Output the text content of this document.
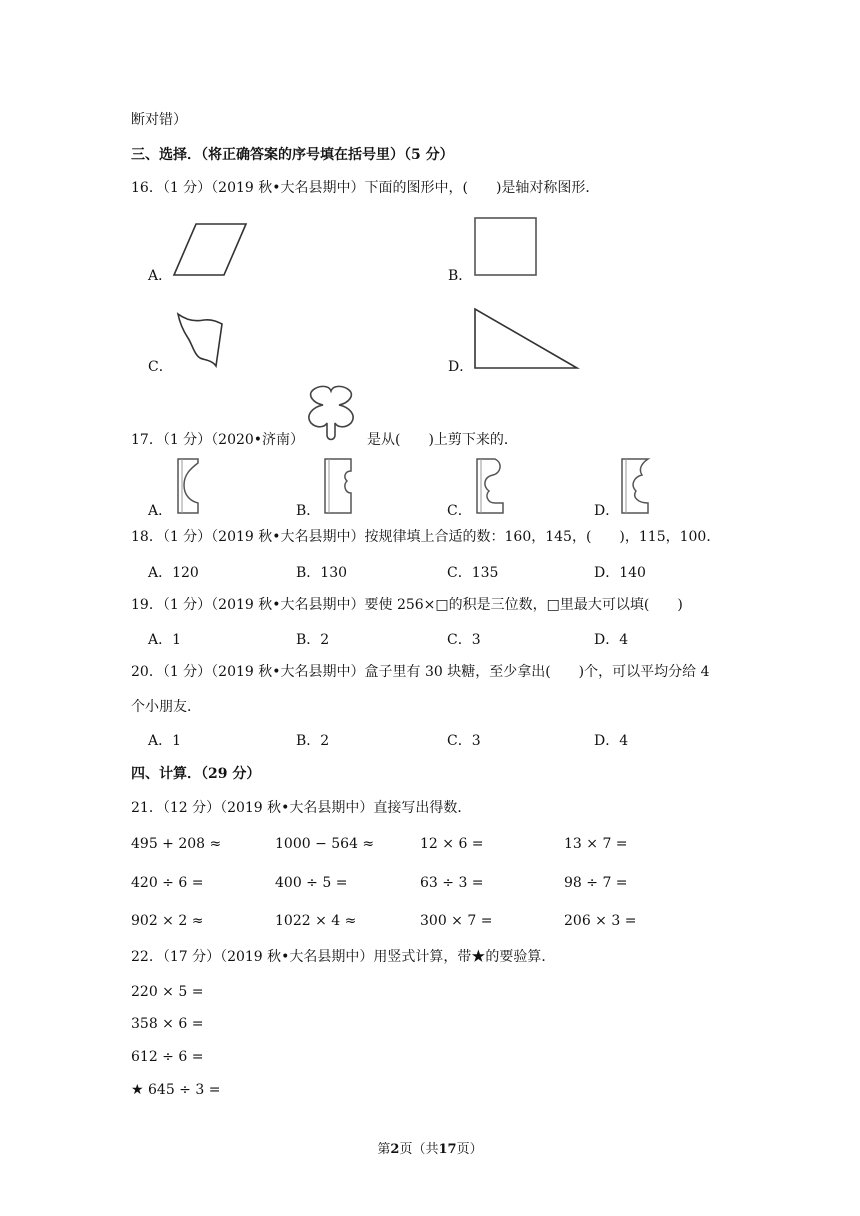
断对错）
三、选择．（将正确答案的序号填在括号里）（5 分）
16．（1 分）（2019 秋•大名县期中）下面的图形中，(　　)是轴对称图形．
A．	B．
C．	D．
17．（1 分）（2020•济南）	是从(　　)上剪下来的．
A．	B．	C．	D．
18．（1 分）（2019 秋•大名县期中）按规律填上合适的数：160，145，(　　)，115，100．
A．120	B．130	C．135	D．140
19．（1 分）（2019 秋•大名县期中）要使 256×□的积是三位数，□里最大可以填(　　)
A．1	B．2	C．3	D．4
20．（1 分）（2019 秋•大名县期中）盒子里有 30 块糖，至少拿出(　　)个，可以平均分给 4
个小朋友．
A．1	B．2	C．3	D．4
四、计算．（29 分）
21．（12 分）（2019 秋•大名县期中）直接写出得数．
495 + 208 ≈	1000 − 564 ≈	12 × 6 =	13 × 7 =
420 ÷ 6 =	400 ÷ 5 =	63 ÷ 3 =	98 ÷ 7 =
902 × 2 ≈	1022 × 4 ≈	300 × 7 =	206 × 3 =
22．（17 分）（2019 秋•大名县期中）用竖式计算，带★的要验算．
220 × 5 =
358 × 6 =
612 ÷ 6 =
★ 645 ÷ 3 =
第2页（共17页）
